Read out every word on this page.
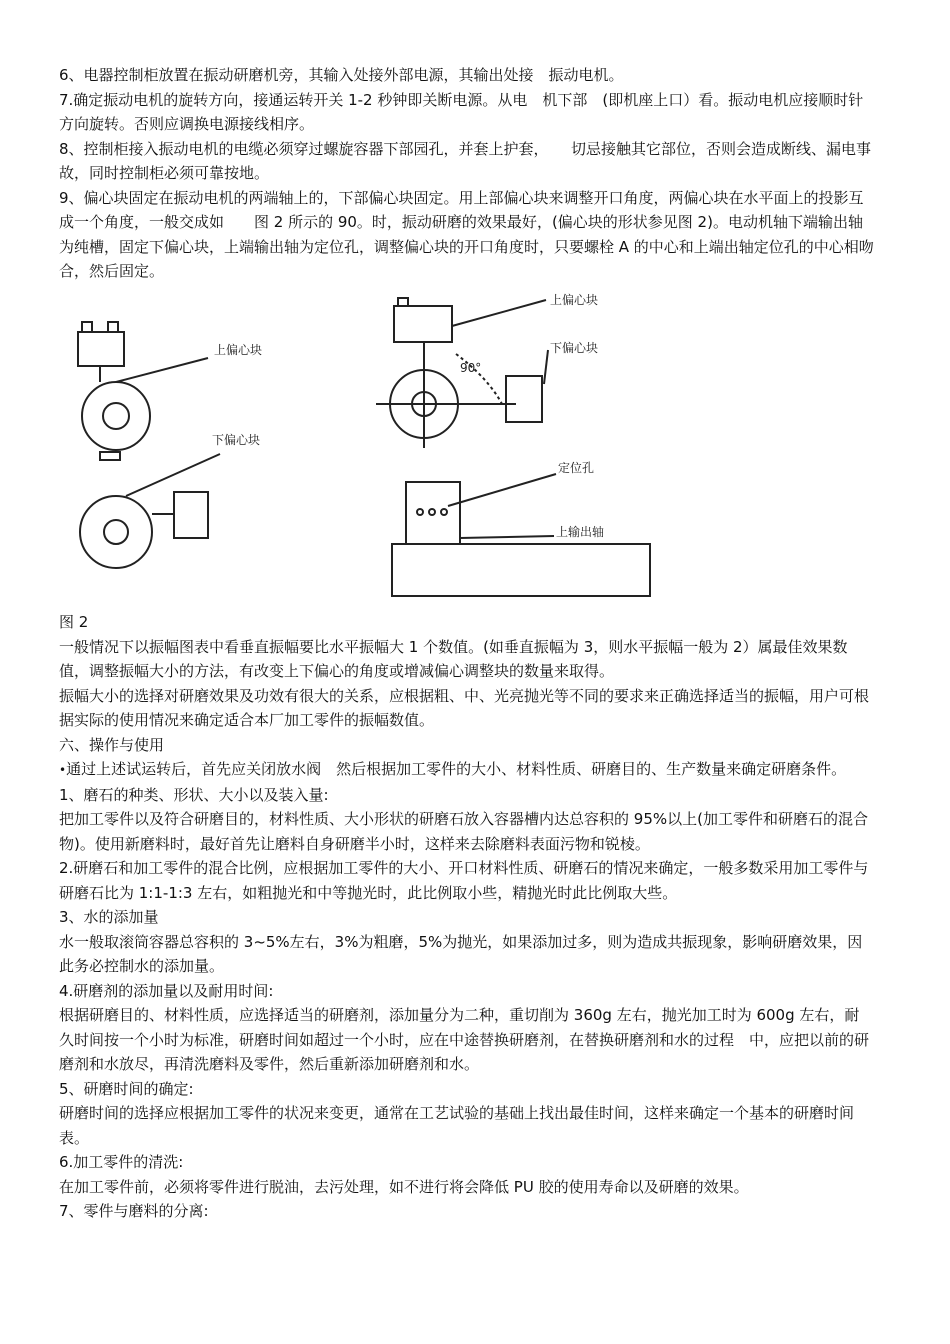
6、电器控制柜放置在振动研磨机旁，其输入处接外部电源，其输出处接　振动电机。

7.确定振动电机的旋转方向，接通运转开关 1-2 秒钟即关断电源。从电　机下部　(即机座上口）看。振动电机应接顺时针方向旋转。否则应调换电源接线相序。

8、控制柜接入振动电机的电缆必须穿过螺旋容器下部园孔，并套上护套，　　切忌接触其它部位，否则会造成断线、漏电事故，同时控制柜必须可靠按地。

9、偏心块固定在振动电机的两端轴上的，下部偏心块固定。用上部偏心块来调整开口角度，两偏心块在水平面上的投影互成一个角度，一般交成如　　图 2 所示的 90。时，振动研磨的效果最好，(偏心块的形状参见图 2)。电动机轴下端输出轴为纯槽，固定下偏心块，上端输出轴为定位孔，调整偏心块的开口角度时，只要螺栓 A 的中心和上端出轴定位孔的中心相吻合，然后固定。

上偏心块
下偏心块
上偏心块
下偏心块
90°
定位孔
上输出轴

图 2

一般情况下以振幅图表中看垂直振幅要比水平振幅大 1 个数值。(如垂直振幅为 3，则水平振幅一般为 2）属最佳效果数值，调整振幅大小的方法，有改变上下偏心的角度或增减偏心调整块的数量来取得。

振幅大小的选择对研磨效果及功效有很大的关系，应根据粗、中、光亮抛光等不同的要求来正确选择适当的振幅，用户可根据实际的使用情况来确定适合本厂加工零件的振幅数值。

六、操作与使用

•通过上述试运转后，首先应关闭放水阀　然后根据加工零件的大小、材料性质、研磨目的、生产数量来确定研磨条件。

1、磨石的种类、形状、大小以及装入量:

把加工零件以及符合研磨目的，材料性质、大小形状的研磨石放入容器槽内达总容积的 95%以上(加工零件和研磨石的混合物)。使用新磨料时，最好首先让磨料自身研磨半小时，这样来去除磨料表面污物和锐棱。

2.研磨石和加工零件的混合比例，应根据加工零件的大小、开口材料性质、研磨石的情况来确定，一般多数采用加工零件与研磨石比为 1:1-1:3 左右，如粗抛光和中等抛光时，此比例取小些，精抛光时此比例取大些。

3、水的添加量

水一般取滚筒容器总容积的 3~5%左右，3%为粗磨，5%为抛光，如果添加过多，则为造成共振现象，影响研磨效果，因此务必控制水的添加量。

4.研磨剂的添加量以及耐用时间:

根据研磨目的、材料性质，应选择适当的研磨剂，添加量分为二种，重切削为 360g 左右，抛光加工时为 600g 左右，耐久时间按一个小时为标准，研磨时间如超过一个小时，应在中途替换研磨剂，在替换研磨剂和水的过程　中，应把以前的研磨剂和水放尽，再清洗磨料及零件，然后重新添加研磨剂和水。

5、研磨时间的确定:

研磨时间的选择应根据加工零件的状况来变更，通常在工艺试验的基础上找出最佳时间，这样来确定一个基本的研磨时间表。

6.加工零件的清洗:

在加工零件前，必须将零件进行脱油，去污处理，如不进行将会降低 PU 胶的使用寿命以及研磨的效果。

7、零件与磨料的分离:
